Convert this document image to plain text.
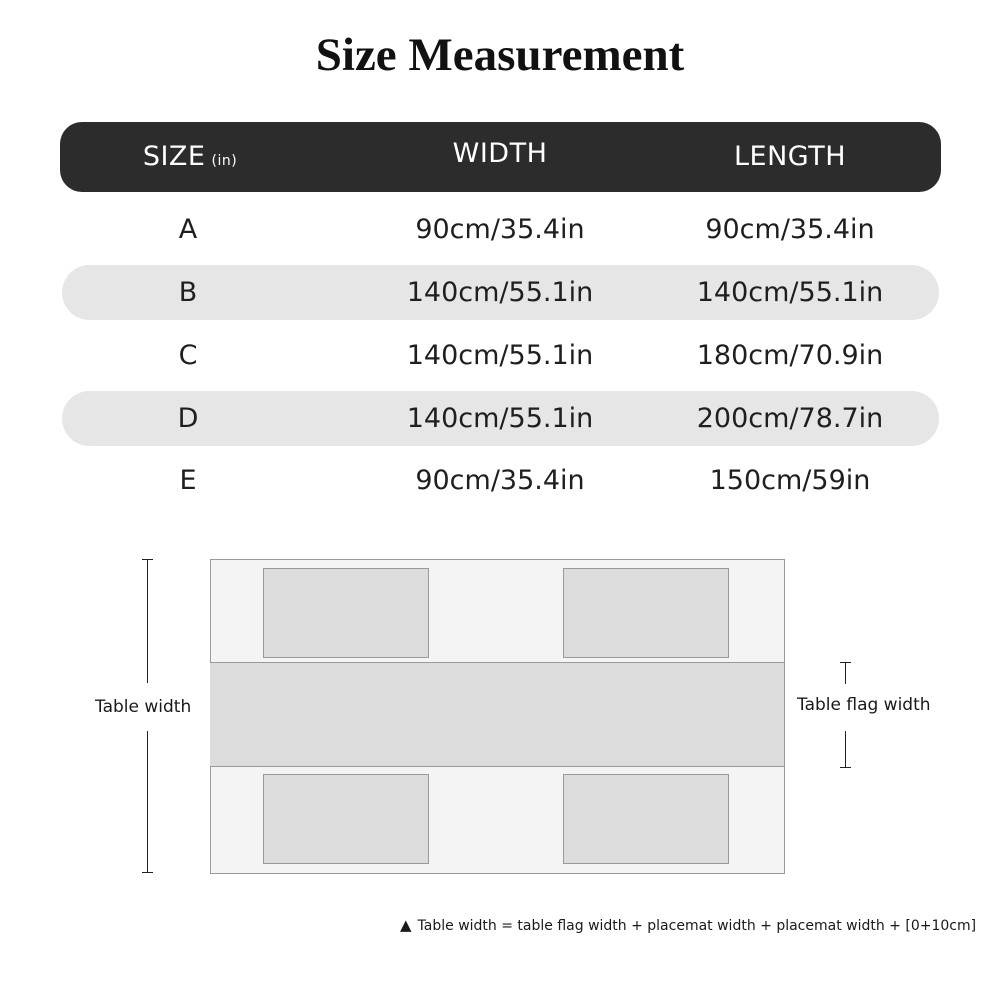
Size Measurement
SIZE (in)	WIDTH	LENGTH
A	90cm/35.4in	90cm/35.4in
B	140cm/55.1in	140cm/55.1in
C	140cm/55.1in	180cm/70.9in
D	140cm/55.1in	200cm/78.7in
E	90cm/35.4in	150cm/59in
Table width	Table flag width
▲ Table width = table flag width + placemat width + placemat width + [0+10cm]
